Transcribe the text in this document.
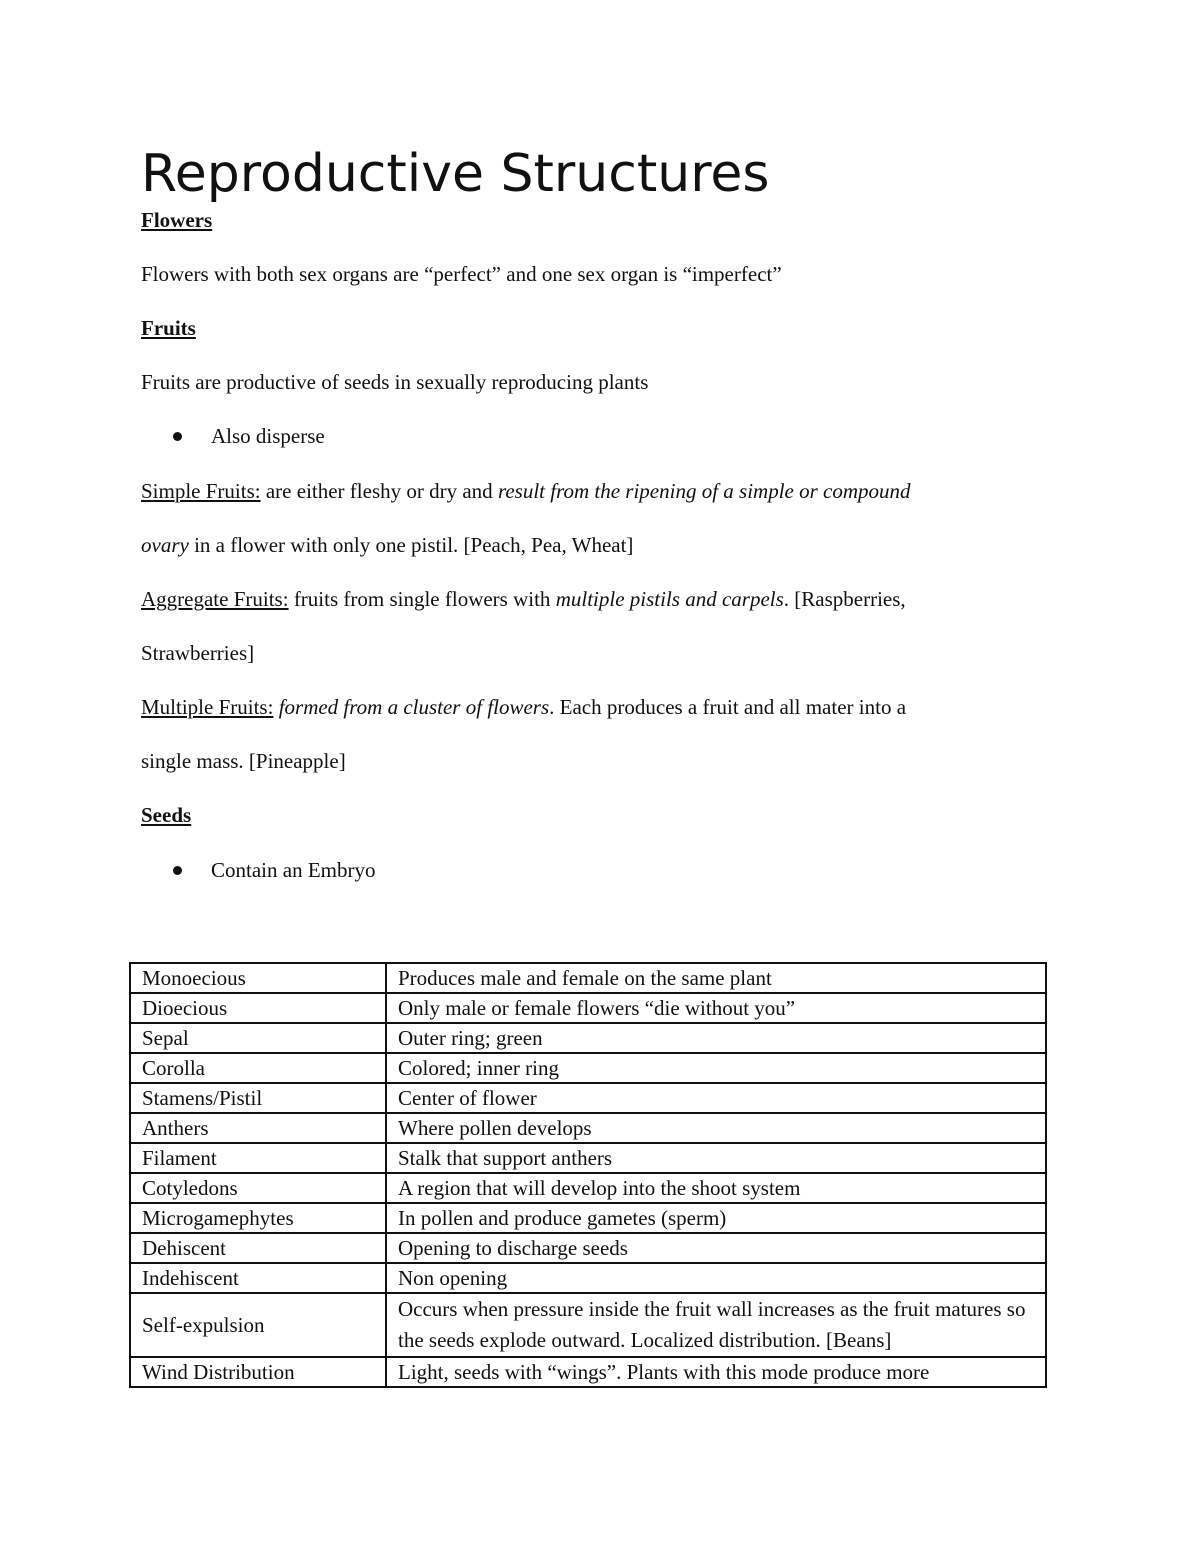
Reproductive Structures
Flowers
Flowers with both sex organs are “perfect” and one sex organ is “imperfect”
Fruits
Fruits are productive of seeds in sexually reproducing plants
Also disperse
Simple Fruits: are either fleshy or dry and result from the ripening of a simple or compound
ovary in a flower with only one pistil. [Peach, Pea, Wheat]
Aggregate Fruits: fruits from single flowers with multiple pistils and carpels. [Raspberries,
Strawberries]
Multiple Fruits: formed from a cluster of flowers. Each produces a fruit and all mater into a
single mass. [Pineapple]
Seeds
Contain an Embryo
Monoecious	Produces male and female on the same plant
Dioecious	Only male or female flowers “die without you”
Sepal	Outer ring; green
Corolla	Colored; inner ring
Stamens/Pistil	Center of flower
Anthers	Where pollen develops
Filament	Stalk that support anthers
Cotyledons	A region that will develop into the shoot system
Microgamephytes	In pollen and produce gametes (sperm)
Dehiscent	Opening to discharge seeds
Indehiscent	Non opening
Self-expulsion	Occurs when pressure inside the fruit wall increases as the fruit matures so the seeds explode outward. Localized distribution. [Beans]
Wind Distribution	Light, seeds with “wings”. Plants with this mode produce more
